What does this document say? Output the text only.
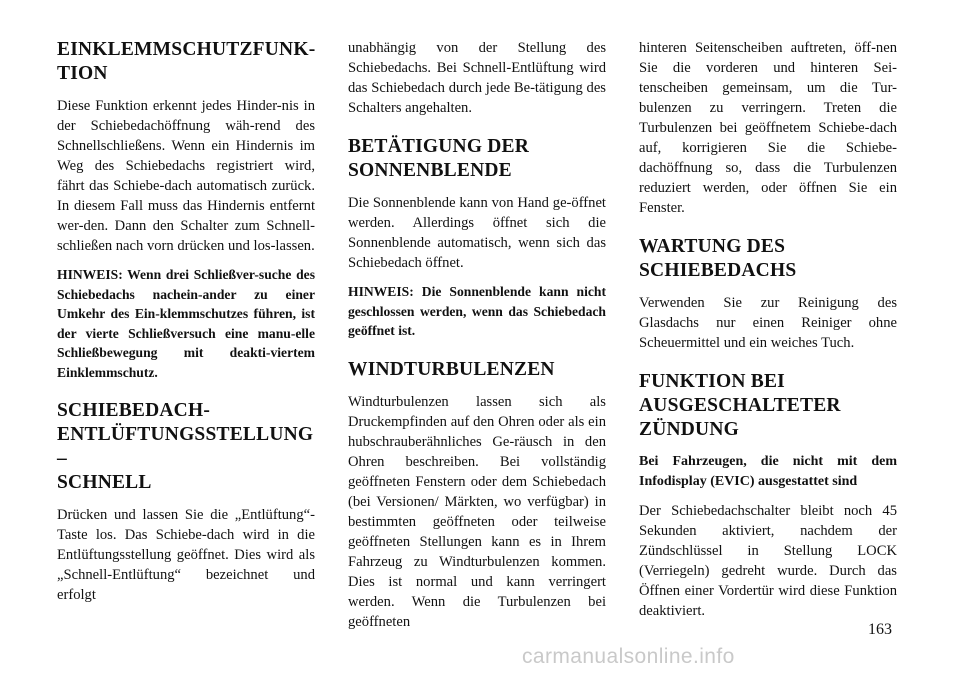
EINKLEMMSCHUTZFUNK-
TION

Diese Funktion erkennt jedes Hinder-nis in der Schiebedachöffnung wäh-rend des Schnellschließens. Wenn ein Hindernis im Weg des Schiebedachs registriert wird, fährt das Schiebe-dach automatisch zurück. In diesem Fall muss das Hindernis entfernt wer-den. Dann den Schalter zum Schnell-schließen nach vorn drücken und los-lassen.

HINWEIS: Wenn drei Schließver-suche des Schiebedachs nachein-ander zu einer Umkehr des Ein-klemmschutzes führen, ist der vierte Schließversuch eine manu-elle Schließbewegung mit deakti-viertem Einklemmschutz.

SCHIEBEDACH-
ENTLÜFTUNGSSTELLUNG –
SCHNELL

Drücken und lassen Sie die „Entlüftung“-Taste los. Das Schiebe-dach wird in die Entlüftungsstellung geöffnet. Dies wird als „Schnell-Entlüftung“ bezeichnet und erfolgt

unabhängig von der Stellung des Schiebedachs. Bei Schnell-Entlüftung wird das Schiebedach durch jede Be-tätigung des Schalters angehalten.

BETÄTIGUNG DER
SONNENBLENDE

Die Sonnenblende kann von Hand ge-öffnet werden. Allerdings öffnet sich die Sonnenblende automatisch, wenn sich das Schiebedach öffnet.

HINWEIS: Die Sonnenblende kann nicht geschlossen werden, wenn das Schiebedach geöffnet ist.

WINDTURBULENZEN

Windturbulenzen lassen sich als Druckempfinden auf den Ohren oder als ein hubschrauberähnliches Ge-räusch in den Ohren beschreiben. Bei vollständig geöffneten Fenstern oder dem Schiebedach (bei Versionen/ Märkten, wo verfügbar) in bestimmten geöffneten oder teilweise geöffneten Stellungen kann es in Ihrem Fahrzeug zu Windturbulenzen kommen. Dies ist normal und kann verringert werden. Wenn die Turbulenzen bei geöffneten

hinteren Seitenscheiben auftreten, öff-nen Sie die vorderen und hinteren Sei-tenscheiben gemeinsam, um die Tur-bulenzen zu verringern. Treten die Turbulenzen bei geöffnetem Schiebe-dach auf, korrigieren Sie die Schiebe-dachöffnung so, dass die Turbulenzen reduziert werden, oder öffnen Sie ein Fenster.

WARTUNG DES
SCHIEBEDACHS

Verwenden Sie zur Reinigung des Glasdachs nur einen Reiniger ohne Scheuermittel und ein weiches Tuch.

FUNKTION BEI
AUSGESCHALTETER
ZÜNDUNG

Bei Fahrzeugen, die nicht mit dem Infodisplay (EVIC) ausgestattet sind

Der Schiebedachschalter bleibt noch 45 Sekunden aktiviert, nachdem der Zündschlüssel in Stellung LOCK (Verriegeln) gedreht wurde. Durch das Öffnen einer Vordertür wird diese Funktion deaktiviert.

163
carmanualsonline.info
